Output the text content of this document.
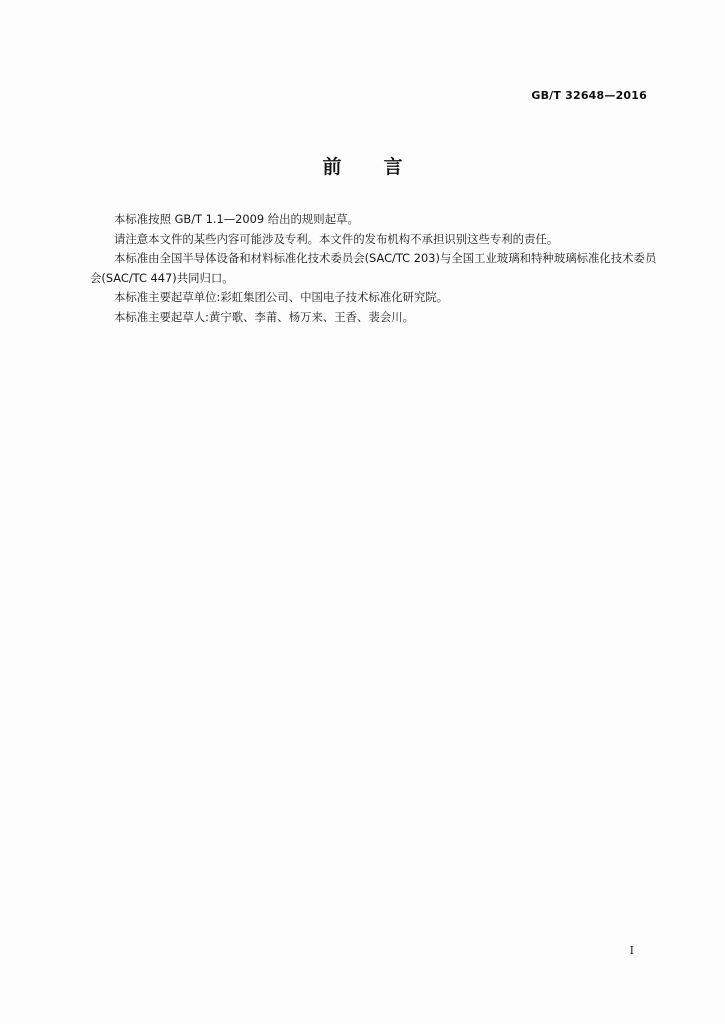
GB/T 32648—2016
前言

本标准按照 GB/T 1.1—2009 给出的规则起草。

请注意本文件的某些内容可能涉及专利。本文件的发布机构不承担识别这些专利的责任。

本标准由全国半导体设备和材料标准化技术委员会(SAC/TC 203)与全国工业玻璃和特种玻璃标准化技术委员会(SAC/TC 447)共同归口。

本标准主要起草单位:彩虹集团公司、中国电子技术标准化研究院。

本标准主要起草人:黄宁歌、李莆、杨万来、王香、裴会川。

I
